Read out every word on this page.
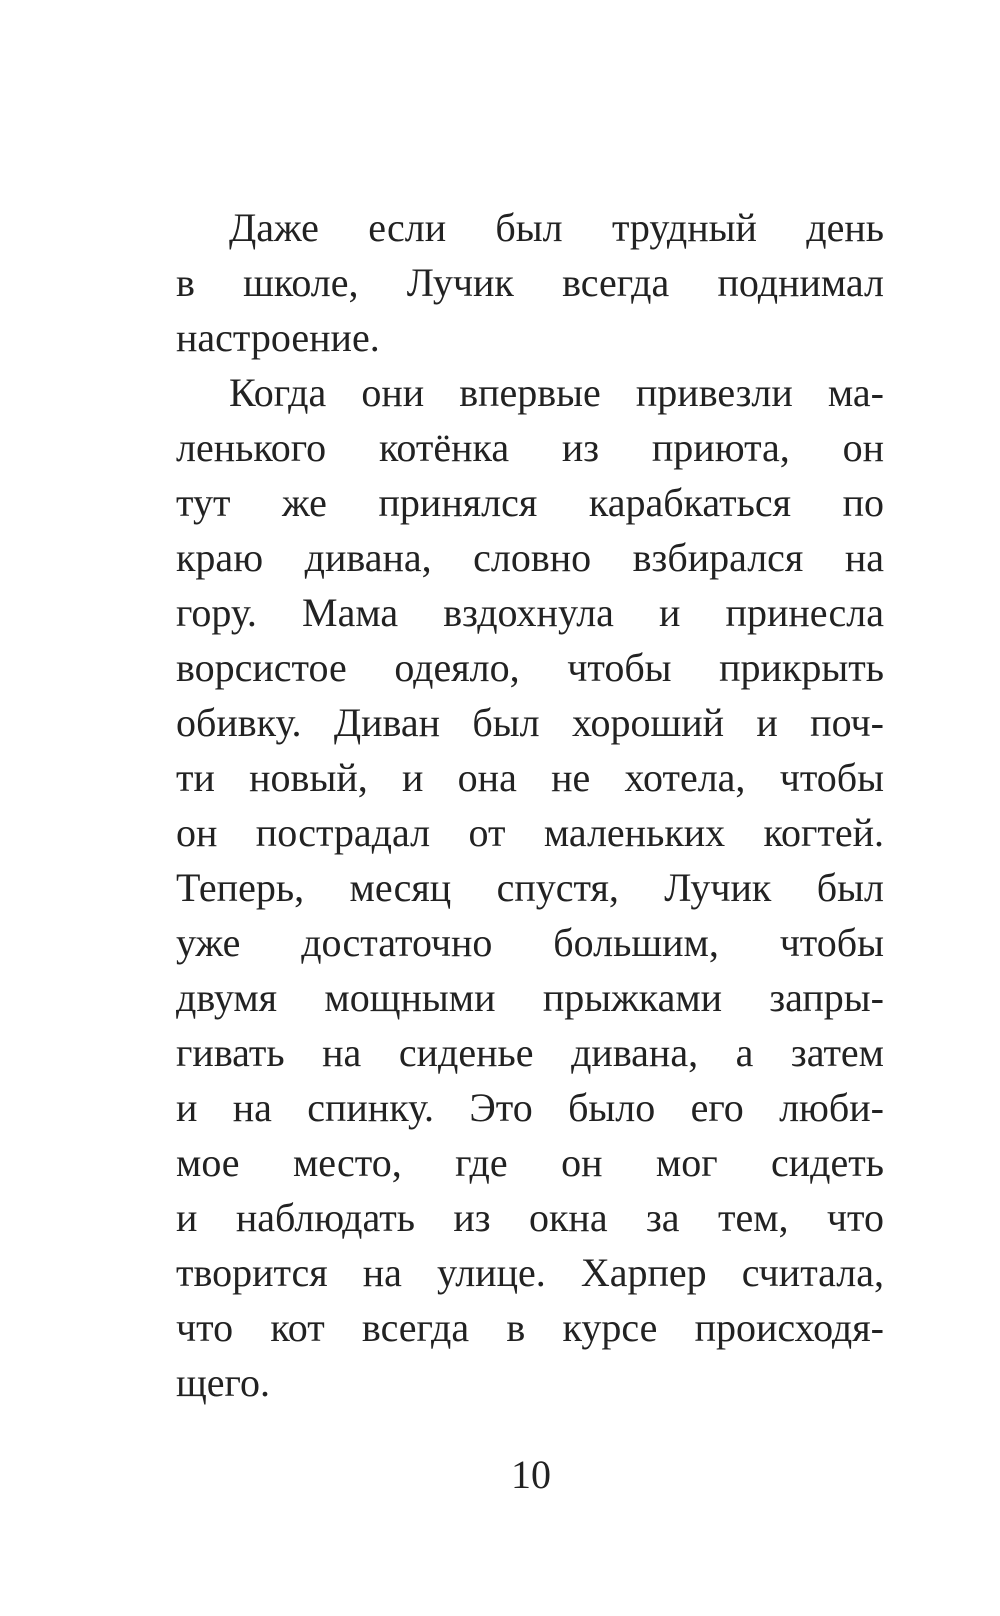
Даже если был трудный день
в школе, Лучик всегда поднимал
настроение.
Когда они впервые привезли ма-
ленького котёнка из приюта, он
тут же принялся карабкаться по
краю дивана, словно взбирался на
гору. Мама вздохнула и принесла
ворсистое одеяло, чтобы прикрыть
обивку. Диван был хороший и поч-
ти новый, и она не хотела, чтобы
он пострадал от маленьких когтей.
Теперь, месяц спустя, Лучик был
уже достаточно большим, чтобы
двумя мощными прыжками запры-
гивать на сиденье дивана, а затем
и на спинку. Это было его люби-
мое место, где он мог сидеть
и наблюдать из окна за тем, что
творится на улице. Харпер считала,
что кот всегда в курсе происходя-
щего.
10
